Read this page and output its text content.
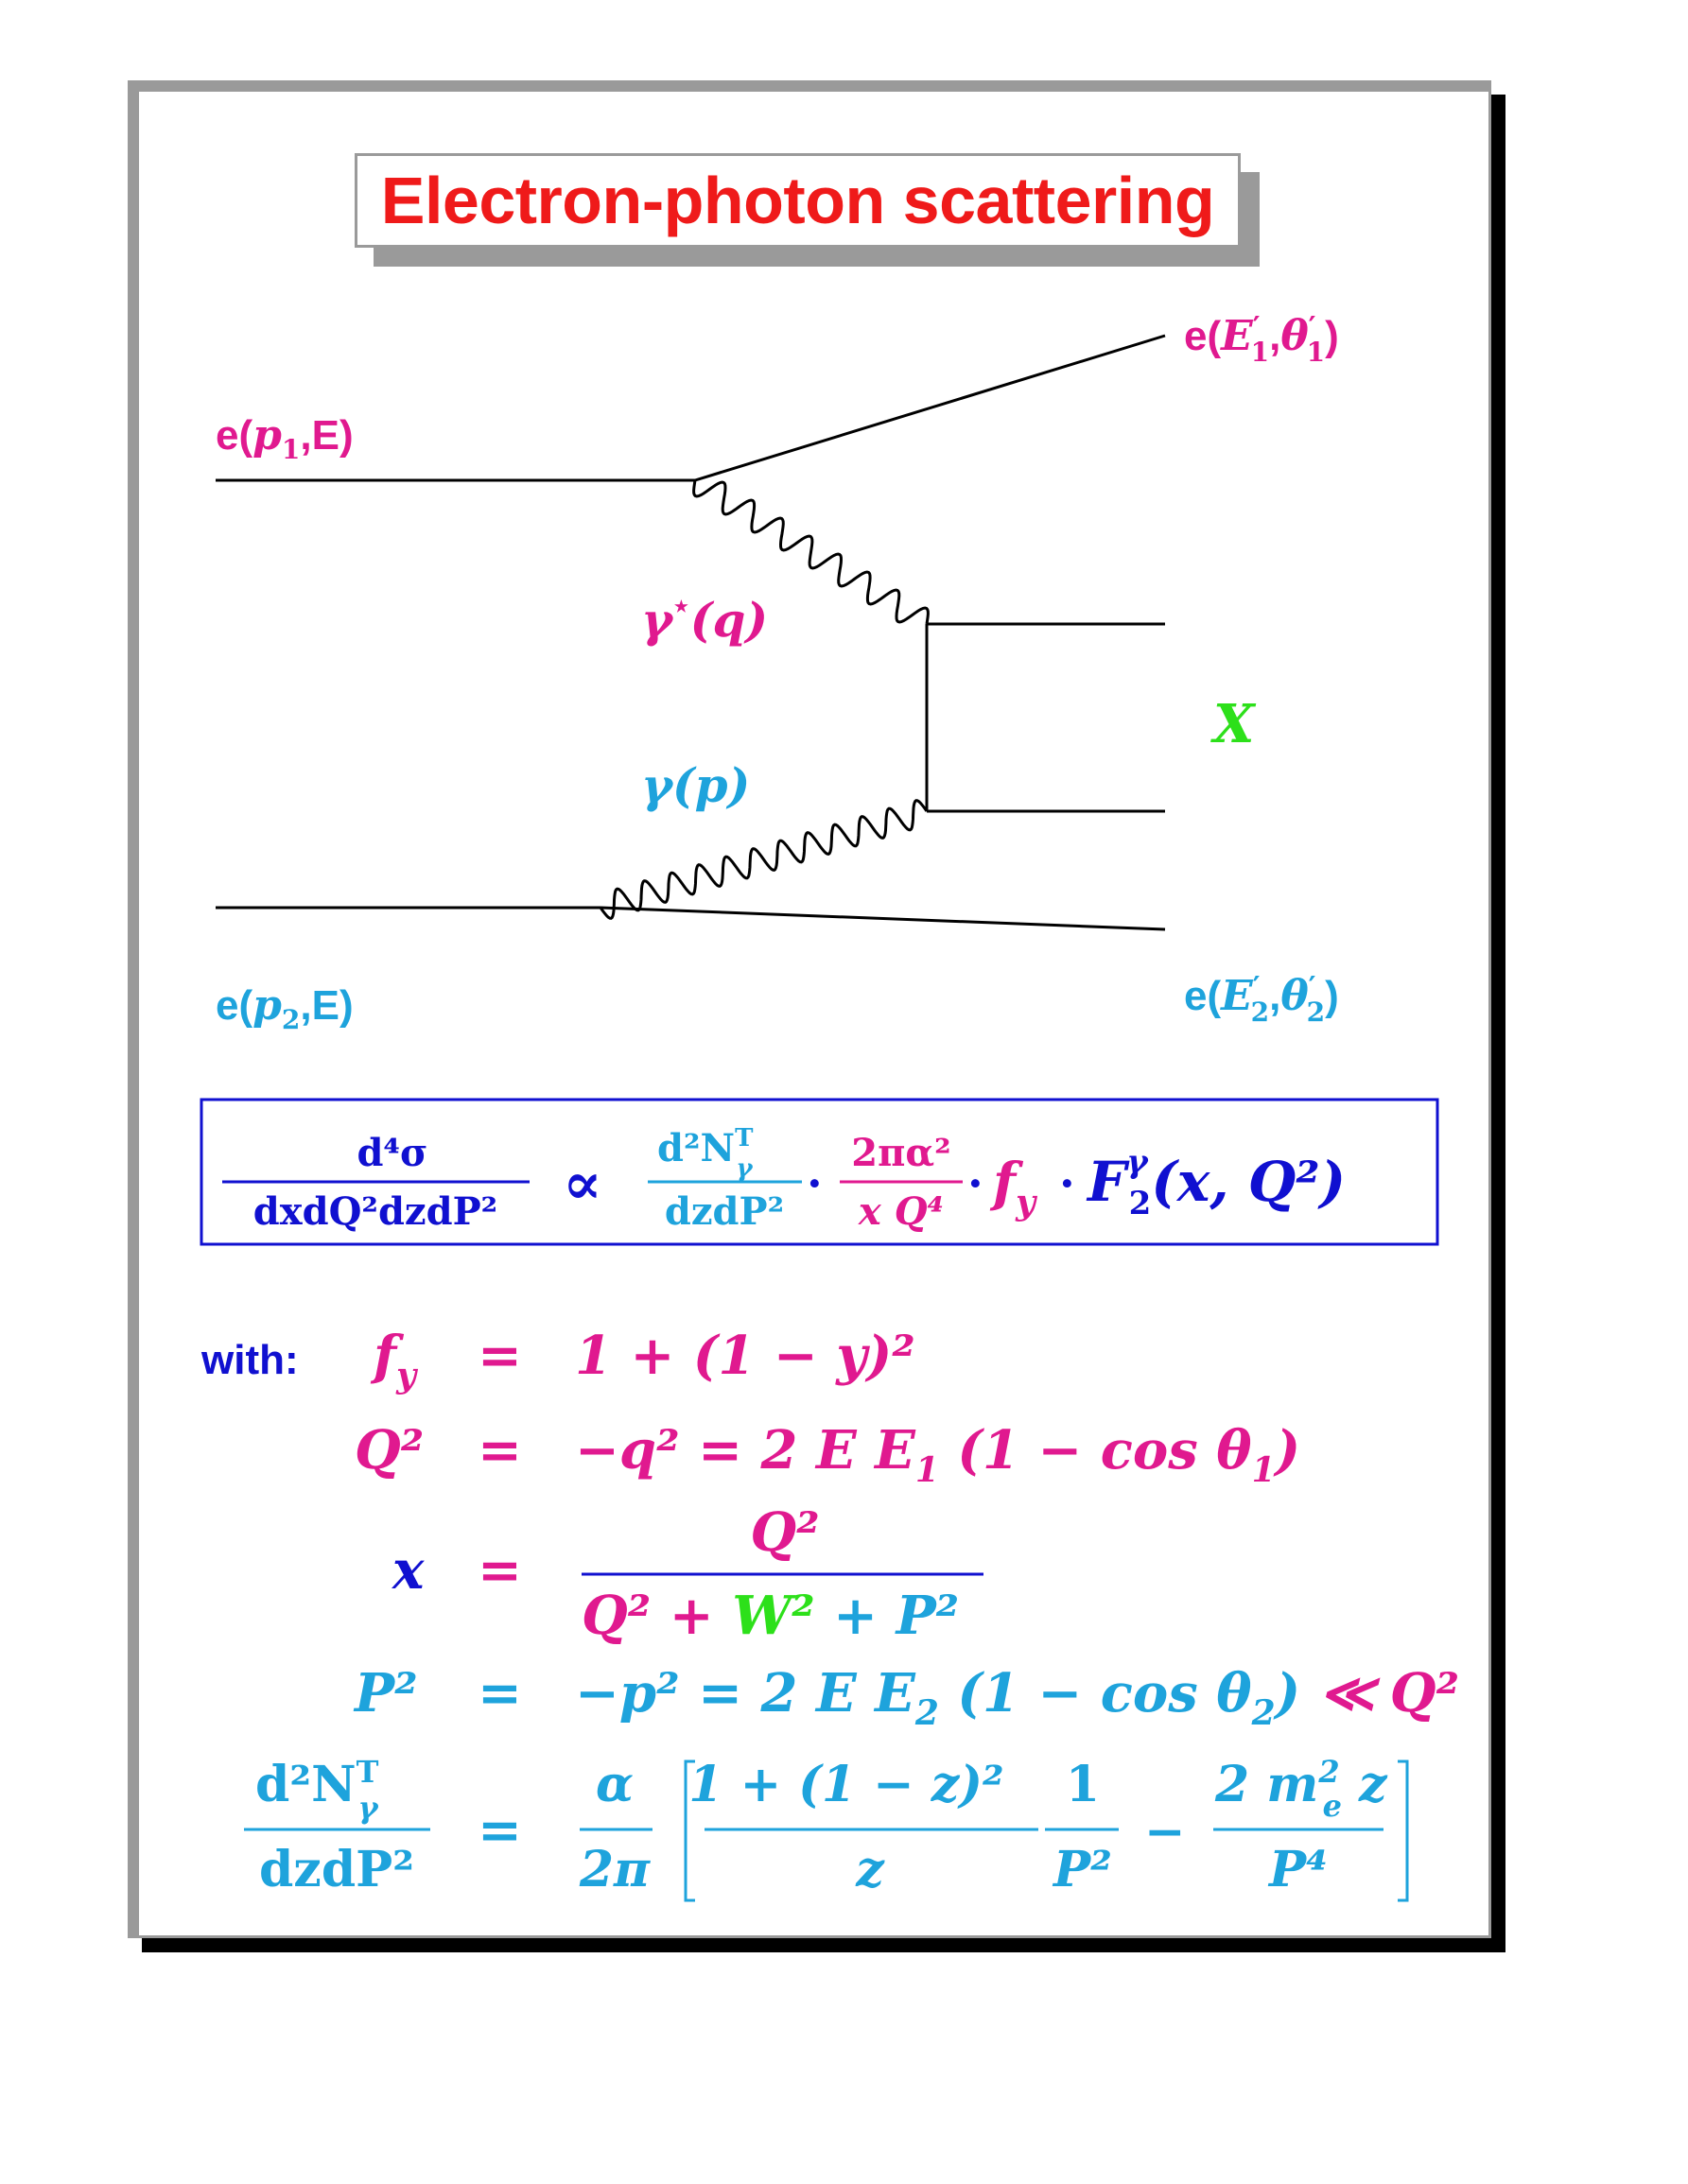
Electron-photon scattering
$e(p_1,E)$
e(E′ 1,θ′ 1)
γ⋆(q)
γ(p)
X
$e(p_2,E)$	e(E′ 2,θ′ 2)
d⁴σ
dxdQ²dzdP² ∝
$d^2N^T$ γ
dzdP²
·
2πα²
x Q⁴
· $f_y \cdot F^\gamma$ 2(x, Q²)
with: $f_y = 1 + (1 - y)^2$
Q² = −q² = 2 E $E_1$ $(1 - \cos \theta_1)$
x =
Q²
Q² + W² + P²
P² = −p² = 2 E $E_2$ $(1 - \cos \theta_2)$ ≪ Q²
$d^2N^T$ γ
dzdP²
=
α
2π
1 + (1 − z)²
z
1
P²
−
2 $m^2$ e z
P⁴
